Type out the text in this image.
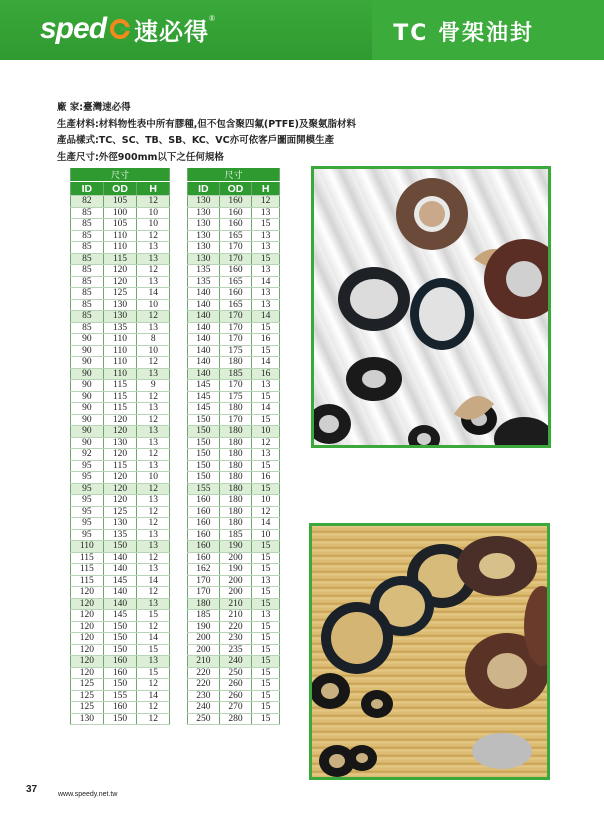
sped 速必得 ®
TC 骨架油封
廠 家:臺灣速必得
生產材料:材料物性表中所有膠種,但不包含聚四氟(PTFE)及聚氨脂材料
產品樣式:TC、SC、TB、SB、KC、VC亦可依客戶圖面開模生產
生產尺寸:外徑900mm以下之任何規格
尺寸		
ID	OD	H
82	105	12
85	100	10
85	105	10
85	110	12
85	110	13
85	115	13
85	120	12
85	120	13
85	125	14
85	130	10
85	130	12
85	135	13
90	110	8
90	110	10
90	110	12
90	110	13
90	115	9
90	115	12
90	115	13
90	120	12
90	120	13
90	130	13
92	120	12
95	115	13
95	120	10
95	120	12
95	120	13
95	125	12
95	130	12
95	135	13
110	150	13
115	140	12
115	140	13
115	145	14
120	140	12
120	140	13
120	145	15
120	150	12
120	150	14
120	150	15
120	160	13
120	160	15
125	150	12
125	155	14
125	160	12
130	150	12
尺寸		
ID	OD	H
130	160	12
130	160	13
130	160	15
130	165	13
130	170	13
130	170	15
135	160	13
135	165	14
140	160	13
140	165	13
140	170	14
140	170	15
140	170	16
140	175	15
140	180	14
140	185	16
145	170	13
145	175	15
145	180	14
150	170	15
150	180	10
150	180	12
150	180	13
150	180	15
150	180	16
155	180	15
160	180	10
160	180	12
160	180	14
160	185	10
160	190	15
160	200	15
162	190	15
170	200	13
170	200	15
180	210	15
185	210	13
190	220	15
200	230	15
200	235	15
210	240	15
220	250	15
220	260	15
230	260	15
240	270	15
250	280	15
37	www.speedy.net.tw
